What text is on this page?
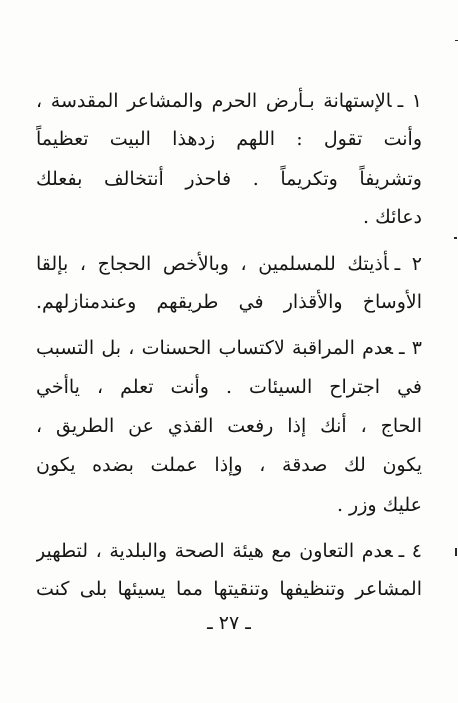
١ ـالإستهانة بـأرض الحرم والمشاعر المقدسة ،
وأنت تقول : اللهم زدهذا البيت تعظيماً
وتشريفاً وتكريماً . فاحذر أنتخالف بفعلك
دعائك .
٢ ـأذيتك للمسلمين ، وبالأخص الحجاج ، بإلقا
الأوساخ والأقذار في طريقهم وعندمنازلهم.
٣ ـعدم المراقبة لاكتساب الحسنات ، بل التسبب
في اجتراح السيئات . وأنت تعلم ، ياأخي
الحاج ، أنك إذا رفعت القذي عن الطريق ،
يكون لك صدقة ، وإذا عملت بضده يكون
عليك وزر .
٤ ـعدم التعاون مع هيئة الصحة والبلدية ، لتطهير
المشاعر وتنظيفها وتنقيتها مما يسيئها بلى كنت
ـ ٢٧ ـ
